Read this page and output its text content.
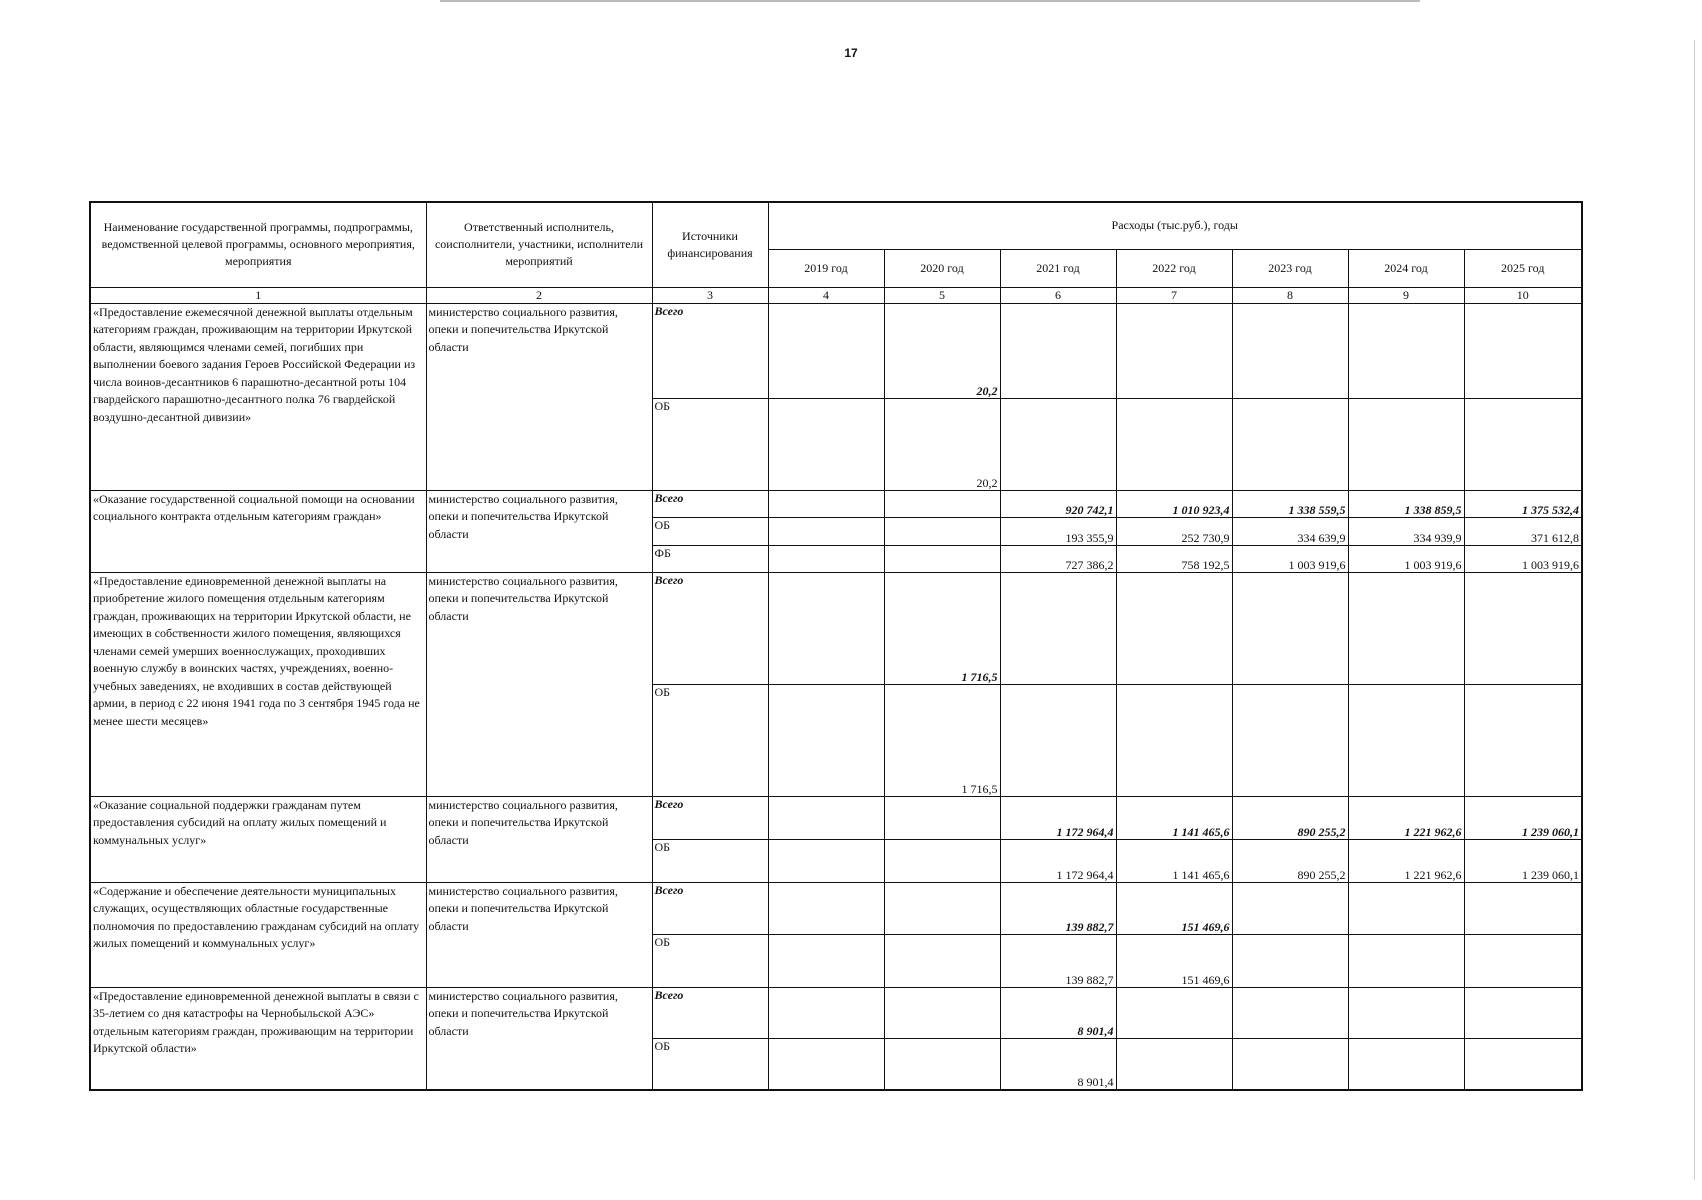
17
Наименование государственной программы, подпрограммы, ведомственной целевой программы, основного мероприятия, мероприятия	Ответственный исполнитель, соисполнители, участники, исполнители мероприятий	Источники финансирования	Расходы (тыс.руб.), годы						
			2019 год	2020 год	2021 год	2022 год	2023 год	2024 год	2025 год
1	2	3	4	5	6	7	8	9	10
«Предоставление ежемесячной денежной выплаты отдельным категориям граждан, проживающим на территории Иркутской области, являющимся членами семей, погибших при выполнении боевого задания Героев Российской Федерации из числа воинов-десантников 6 парашютно-десантной роты 104 гвардейского парашютно-десантного полка 76 гвардейской воздушно-десантной дивизии»	министерство социального развития, опеки и попечительства Иркутской области	Всего		20,2					
		ОБ		20,2					
«Оказание государственной социальной помощи на основании социального контракта отдельным категориям граждан»	министерство социального развития, опеки и попечительства Иркутской области	Всего			920 742,1	1 010 923,4	1 338 559,5	1 338 859,5	1 375 532,4
		ОБ			193 355,9	252 730,9	334 639,9	334 939,9	371 612,8
		ФБ			727 386,2	758 192,5	1 003 919,6	1 003 919,6	1 003 919,6
«Предоставление единовременной денежной выплаты на приобретение жилого помещения отдельным категориям граждан, проживающих на территории Иркутской области, не имеющих в собственности жилого помещения, являющихся членами семей умерших военнослужащих, проходивших военную службу в воинских частях, учреждениях, военно-учебных заведениях, не входивших в состав действующей армии, в период с 22 июня 1941 года по 3 сентября 1945 года не менее шести месяцев»	министерство социального развития, опеки и попечительства Иркутской области	Всего		1 716,5					
		ОБ		1 716,5					
«Оказание социальной поддержки гражданам путем предоставления субсидий на оплату жилых помещений и коммунальных услуг»	министерство социального развития, опеки и попечительства Иркутской области	Всего			1 172 964,4	1 141 465,6	890 255,2	1 221 962,6	1 239 060,1
		ОБ			1 172 964,4	1 141 465,6	890 255,2	1 221 962,6	1 239 060,1
«Содержание и обеспечение деятельности муниципальных служащих, осуществляющих областные государственные полномочия по предоставлению гражданам субсидий на оплату жилых помещений и коммунальных услуг»	министерство социального развития, опеки и попечительства Иркутской области	Всего			139 882,7	151 469,6			
		ОБ			139 882,7	151 469,6			
«Предоставление единовременной денежной выплаты в связи с 35-летием со дня катастрофы на Чернобыльской АЭС» отдельным категориям граждан, проживающим на территории Иркутской области»	министерство социального развития, опеки и попечительства Иркутской области	Всего			8 901,4				
		ОБ			8 901,4				
